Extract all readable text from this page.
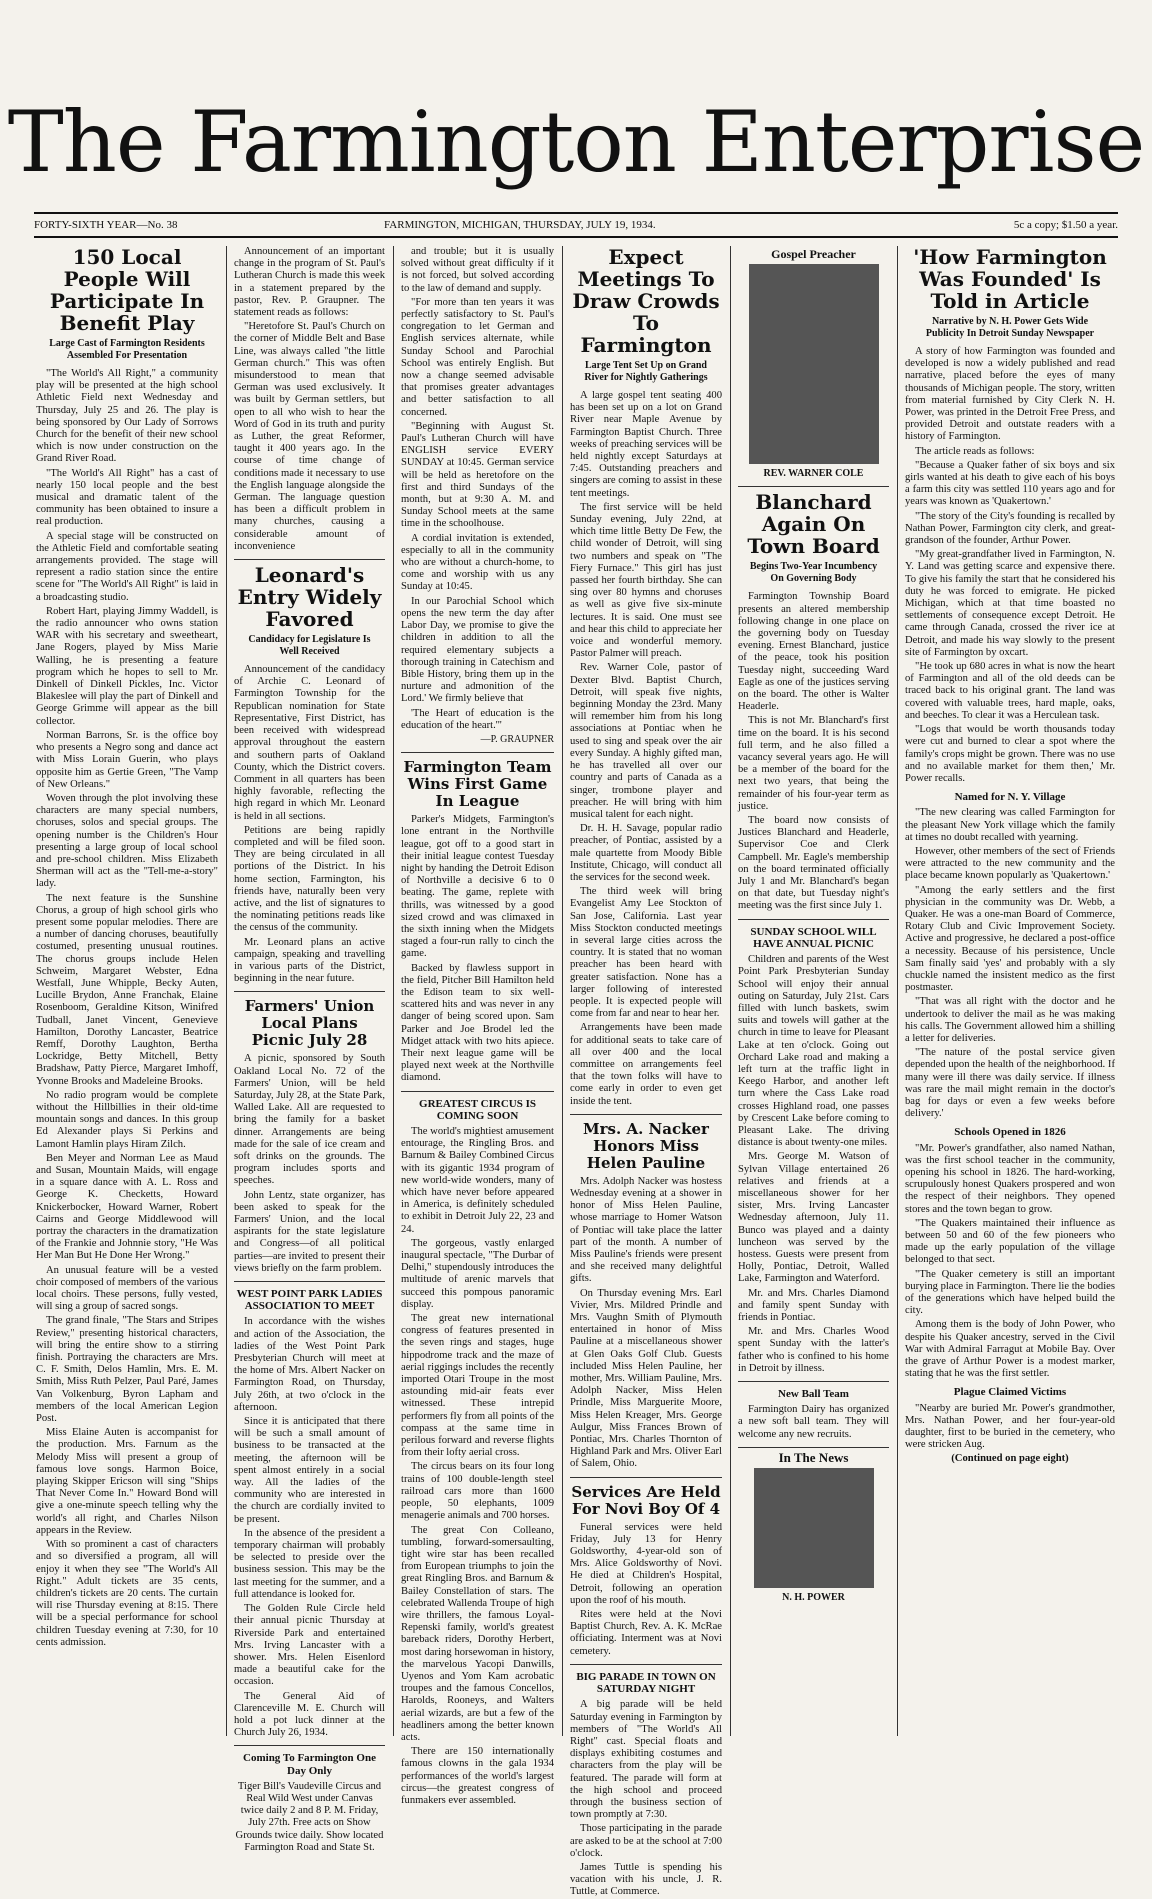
The Farmington Enterprise
FORTY-SIXTH YEAR—No. 38	FARMINGTON, MICHIGAN, THURSDAY, JULY 19, 1934.	5c a copy; $1.50 a year.
150 Local People Will Participate In Benefit Play
Large Cast of Farmington Residents Assembled For Presentation

"The World's All Right," a community play will be presented at the high school Athletic Field next Wednesday and Thursday, July 25 and 26. The play is being sponsored by Our Lady of Sorrows Church for the benefit of their new school which is now under construction on the Grand River Road.

"The World's All Right" has a cast of nearly 150 local people and the best musical and dramatic talent of the community has been obtained to insure a real production.

A special stage will be constructed on the Athletic Field and comfortable seating arrangements provided. The stage will represent a radio station since the entire scene for "The World's All Right" is laid in a broadcasting studio.

Robert Hart, playing Jimmy Waddell, is the radio announcer who owns station WAR with his secretary and sweetheart, Jane Rogers, played by Miss Marie Walling, he is presenting a feature program which he hopes to sell to Mr. Dinkell of Dinkell Pickles, Inc. Victor Blakeslee will play the part of Dinkell and George Grimme will appear as the bill collector.

Norman Barrons, Sr. is the office boy who presents a Negro song and dance act with Miss Lorain Guerin, who plays opposite him as Gertie Green, "The Vamp of New Orleans."

Woven through the plot involving these characters are many special numbers, choruses, solos and special groups. The opening number is the Children's Hour presenting a large group of local school and pre-school children. Miss Elizabeth Sherman will act as the "Tell-me-a-story" lady.

The next feature is the Sunshine Chorus, a group of high school girls who present some popular melodies. There are a number of dancing choruses, beautifully costumed, presenting unusual routines. The chorus groups include Helen Schweim, Margaret Webster, Edna Westfall, June Whipple, Becky Auten, Lucille Brydon, Anne Franchak, Elaine Rosenboom, Geraldine Kitson, Winifred Tudball, Janet Vincent, Genevieve Hamilton, Dorothy Lancaster, Beatrice Remff, Dorothy Laughton, Bertha Lockridge, Betty Mitchell, Betty Bradshaw, Patty Pierce, Margaret Imhoff, Yvonne Brooks and Madeleine Brooks.

No radio program would be complete without the Hillbillies in their old-time mountain songs and dances. In this group Ed Alexander plays Si Perkins and Lamont Hamlin plays Hiram Zilch.

Ben Meyer and Norman Lee as Maud and Susan, Mountain Maids, will engage in a square dance with A. L. Ross and George K. Checketts, Howard Knickerbocker, Howard Warner, Robert Cairns and George Middlewood will portray the characters in the dramatization of the Frankie and Johnnie story, "He Was Her Man But He Done Her Wrong."

An unusual feature will be a vested choir composed of members of the various local choirs. These persons, fully vested, will sing a group of sacred songs.

The grand finale, "The Stars and Stripes Review," presenting historical characters, will bring the entire show to a stirring finish. Portraying the characters are Mrs. C. F. Smith, Delos Hamlin, Mrs. E. M. Smith, Miss Ruth Pelzer, Paul Paré, James Van Volkenburg, Byron Lapham and members of the local American Legion Post.

Miss Elaine Auten is accompanist for the production. Mrs. Farnum as the Melody Miss will present a group of famous love songs. Harmon Boice, playing Skipper Ericson will sing "Ships That Never Come In." Howard Bond will give a one-minute speech telling why the world's all right, and Charles Nilson appears in the Review.

With so prominent a cast of characters and so diversified a program, all will enjoy it when they see "The World's All Right." Adult tickets are 35 cents, children's tickets are 20 cents. The curtain will rise Thursday evening at 8:15. There will be a special performance for school children Tuesday evening at 7:30, for 10 cents admission.

Announcement of an important change in the program of St. Paul's Lutheran Church is made this week in a statement prepared by the pastor, Rev. P. Graupner. The statement reads as follows:

"Heretofore St. Paul's Church on the corner of Middle Belt and Base Line, was always called "the little German church." This was often misunderstood to mean that German was used exclusively. It was built by German settlers, but open to all who wish to hear the Word of God in its truth and purity as Luther, the great Reformer, taught it 400 years ago. In the course of time change of conditions made it necessary to use the English language alongside the German. The language question has been a difficult problem in many churches, causing a considerable amount of inconvenience

Leonard's Entry Widely Favored
Candidacy for Legislature Is Well Received

Announcement of the candidacy of Archie C. Leonard of Farmington Township for the Republican nomination for State Representative, First District, has been received with widespread approval throughout the eastern and southern parts of Oakland County, which the District covers. Comment in all quarters has been highly favorable, reflecting the high regard in which Mr. Leonard is held in all sections.

Petitions are being rapidly completed and will be filed soon. They are being circulated in all portions of the District. In his home section, Farmington, his friends have, naturally been very active, and the list of signatures to the nominating petitions reads like the census of the community.

Mr. Leonard plans an active campaign, speaking and travelling in various parts of the District, beginning in the near future.

Farmers' Union Local Plans Picnic July 28

A picnic, sponsored by South Oakland Local No. 72 of the Farmers' Union, will be held Saturday, July 28, at the State Park, Walled Lake. All are requested to bring the family for a basket dinner. Arrangements are being made for the sale of ice cream and soft drinks on the grounds. The program includes sports and speeches.

John Lentz, state organizer, has been asked to speak for the Farmers' Union, and the local aspirants for the state legislature and Congress—of all political parties—are invited to present their views briefly on the farm problem.

WEST POINT PARK LADIES ASSOCIATION TO MEET

In accordance with the wishes and action of the Association, the ladies of the West Point Park Presbyterian Church will meet at the home of Mrs. Albert Nacker on Farmington Road, on Thursday, July 26th, at two o'clock in the afternoon.

Since it is anticipated that there will be such a small amount of business to be transacted at the meeting, the afternoon will be spent almost entirely in a social way. All the ladies of the community who are interested in the church are cordially invited to be present.

In the absence of the president a temporary chairman will probably be selected to preside over the business session. This may be the last meeting for the summer, and a full attendance is looked for.

The Golden Rule Circle held their annual picnic Thursday at Riverside Park and entertained Mrs. Irving Lancaster with a shower. Mrs. Helen Eisenlord made a beautiful cake for the occasion.

The General Aid of Clarenceville M. E. Church will hold a pot luck dinner at the Church July 26, 1934.

Coming To Farmington One Day Only

Tiger Bill's Vaudeville Circus and Real Wild West under Canvas twice daily 2 and 8 P. M. Friday, July 27th. Free acts on Show Grounds twice daily. Show located Farmington Road and State St.

and trouble; but it is usually solved without great difficulty if it is not forced, but solved according to the law of demand and supply.

"For more than ten years it was perfectly satisfactory to St. Paul's congregation to let German and English services alternate, while Sunday School and Parochial School was entirely English. But now a change seemed advisable that promises greater advantages and better satisfaction to all concerned.

"Beginning with August St. Paul's Lutheran Church will have ENGLISH service EVERY SUNDAY at 10:45. German service will be held as heretofore on the first and third Sundays of the month, but at 9:30 A. M. and Sunday School meets at the same time in the schoolhouse.

A cordial invitation is extended, especially to all in the community who are without a church-home, to come and worship with us any Sunday at 10:45.

In our Parochial School which opens the new term the day after Labor Day, we promise to give the children in addition to all the required elementary subjects a thorough training in Catechism and Bible History, bring them up in the nurture and admonition of the Lord.' We firmly believe that

'The Heart of education is the education of the heart.'"

—P. GRAUPNER
Farmington Team Wins First Game In League

Parker's Midgets, Farmington's lone entrant in the Northville league, got off to a good start in their initial league contest Tuesday night by handing the Detroit Edison of Northville a decisive 6 to 0 beating. The game, replete with thrills, was witnessed by a good sized crowd and was climaxed in the sixth inning when the Midgets staged a four-run rally to cinch the game.

Backed by flawless support in the field, Pitcher Bill Hamilton held the Edison team to six well-scattered hits and was never in any danger of being scored upon. Sam Parker and Joe Brodel led the Midget attack with two hits apiece. Their next league game will be played next week at the Northville diamond.

GREATEST CIRCUS IS COMING SOON

The world's mightiest amusement entourage, the Ringling Bros. and Barnum & Bailey Combined Circus with its gigantic 1934 program of new world-wide wonders, many of which have never before appeared in America, is definitely scheduled to exhibit in Detroit July 22, 23 and 24.

The gorgeous, vastly enlarged inaugural spectacle, "The Durbar of Delhi," stupendously introduces the multitude of arenic marvels that succeed this pompous panoramic display.

The great new international congress of features presented in the seven rings and stages, huge hippodrome track and the maze of aerial riggings includes the recently imported Otari Troupe in the most astounding mid-air feats ever witnessed. These intrepid performers fly from all points of the compass at the same time in perilous forward and reverse flights from their lofty aerial cross.

The circus bears on its four long trains of 100 double-length steel railroad cars more than 1600 people, 50 elephants, 1009 menagerie animals and 700 horses.

The great Con Colleano, tumbling, forward-somersaulting, tight wire star has been recalled from European triumphs to join the great Ringling Bros. and Barnum & Bailey Constellation of stars. The celebrated Wallenda Troupe of high wire thrillers, the famous Loyal-Repenski family, world's greatest bareback riders, Dorothy Herbert, most daring horsewoman in history, the marvelous Yacopi Danwills, Uyenos and Yom Kam acrobatic troupes and the famous Concellos, Harolds, Rooneys, and Walters aerial wizards, are but a few of the headliners among the better known acts.

There are 150 internationally famous clowns in the gala 1934 performances of the world's largest circus—the greatest congress of funmakers ever assembled.

Expect Meetings To Draw Crowds To Farmington
Large Tent Set Up on Grand River for Nightly Gatherings

A large gospel tent seating 400 has been set up on a lot on Grand River near Maple Avenue by Farmington Baptist Church. Three weeks of preaching services will be held nightly except Saturdays at 7:45. Outstanding preachers and singers are coming to assist in these tent meetings.

The first service will be held Sunday evening, July 22nd, at which time little Betty De Few, the child wonder of Detroit, will sing two numbers and speak on "The Fiery Furnace." This girl has just passed her fourth birthday. She can sing over 80 hymns and choruses as well as give five six-minute lectures. It is said. One must see and hear this child to appreciate her voice and wonderful memory. Pastor Palmer will preach.

Rev. Warner Cole, pastor of Dexter Blvd. Baptist Church, Detroit, will speak five nights, beginning Monday the 23rd. Many will remember him from his long associations at Pontiac when he used to sing and speak over the air every Sunday. A highly gifted man, he has travelled all over our country and parts of Canada as a singer, trombone player and preacher. He will bring with him musical talent for each night.

Dr. H. H. Savage, popular radio preacher, of Pontiac, assisted by a male quartette from Moody Bible Institute, Chicago, will conduct all the services for the second week.

The third week will bring Evangelist Amy Lee Stockton of San Jose, California. Last year Miss Stockton conducted meetings in several large cities across the country. It is stated that no woman preacher has been heard with greater satisfaction. None has a larger following of interested people. It is expected people will come from far and near to hear her.

Arrangements have been made for additional seats to take care of all over 400 and the local committee on arrangements feel that the town folks will have to come early in order to even get inside the tent.

Mrs. A. Nacker Honors Miss Helen Pauline

Mrs. Adolph Nacker was hostess Wednesday evening at a shower in honor of Miss Helen Pauline, whose marriage to Homer Watson of Pontiac will take place the latter part of the month. A number of Miss Pauline's friends were present and she received many delightful gifts.

On Thursday evening Mrs. Earl Vivier, Mrs. Mildred Prindle and Mrs. Vaughn Smith of Plymouth entertained in honor of Miss Pauline at a miscellaneous shower at Glen Oaks Golf Club. Guests included Miss Helen Pauline, her mother, Mrs. William Pauline, Mrs. Adolph Nacker, Miss Helen Prindle, Miss Marguerite Moore, Miss Helen Kreager, Mrs. George Aulgur, Miss Frances Brown of Pontiac, Mrs. Charles Thornton of Highland Park and Mrs. Oliver Earl of Salem, Ohio.

Services Are Held For Novi Boy Of 4

Funeral services were held Friday, July 13 for Henry Goldsworthy, 4-year-old son of Mrs. Alice Goldsworthy of Novi. He died at Children's Hospital, Detroit, following an operation upon the roof of his mouth.

Rites were held at the Novi Baptist Church, Rev. A. K. McRae officiating. Interment was at Novi cemetery.

BIG PARADE IN TOWN ON SATURDAY NIGHT

A big parade will be held Saturday evening in Farmington by members of "The World's All Right" cast. Special floats and displays exhibiting costumes and characters from the play will be featured. The parade will form at the high school and proceed through the business section of town promptly at 7:30.

Those participating in the parade are asked to be at the school at 7:00 o'clock.

James Tuttle is spending his vacation with his uncle, J. R. Tuttle, at Commerce.

Gospel Preacher
REV. WARNER COLE
Blanchard Again On Town Board
Begins Two-Year Incumbency On Governing Body

Farmington Township Board presents an altered membership following change in one place on the governing body on Tuesday evening. Ernest Blanchard, justice of the peace, took his position Tuesday night, succeeding Ward Eagle as one of the justices serving on the board. The other is Walter Headerle.

This is not Mr. Blanchard's first time on the board. It is his second full term, and he also filled a vacancy several years ago. He will be a member of the board for the next two years, that being the remainder of his four-year term as justice.

The board now consists of Justices Blanchard and Headerle, Supervisor Coe and Clerk Campbell. Mr. Eagle's membership on the board terminated officially July 1 and Mr. Blanchard's began on that date, but Tuesday night's meeting was the first since July 1.

SUNDAY SCHOOL WILL HAVE ANNUAL PICNIC

Children and parents of the West Point Park Presbyterian Sunday School will enjoy their annual outing on Saturday, July 21st. Cars filled with lunch baskets, swim suits and towels will gather at the church in time to leave for Pleasant Lake at ten o'clock. Going out Orchard Lake road and making a left turn at the traffic light in Keego Harbor, and another left turn where the Cass Lake road crosses Highland road, one passes by Crescent Lake before coming to Pleasant Lake. The driving distance is about twenty-one miles.

Mrs. George M. Watson of Sylvan Village entertained 26 relatives and friends at a miscellaneous shower for her sister, Mrs. Irving Lancaster Wednesday afternoon, July 11. Bunco was played and a dainty luncheon was served by the hostess. Guests were present from Holly, Pontiac, Detroit, Walled Lake, Farmington and Waterford.

Mr. and Mrs. Charles Diamond and family spent Sunday with friends in Pontiac.

Mr. and Mrs. Charles Wood spent Sunday with the latter's father who is confined to his home in Detroit by illness.

New Ball Team

Farmington Dairy has organized a new soft ball team. They will welcome any new recruits.

In The News
N. H. POWER
'How Farmington Was Founded' Is Told in Article
Narrative by N. H. Power Gets Wide Publicity In Detroit Sunday Newspaper

A story of how Farmington was founded and developed is now a widely published and read narrative, placed before the eyes of many thousands of Michigan people. The story, written from material furnished by City Clerk N. H. Power, was printed in the Detroit Free Press, and provided Detroit and outstate readers with a history of Farmington.

The article reads as follows:

"Because a Quaker father of six boys and six girls wanted at his death to give each of his boys a farm this city was settled 110 years ago and for years was known as 'Quakertown.'

"The story of the City's founding is recalled by Nathan Power, Farmington city clerk, and great-grandson of the founder, Arthur Power.

"My great-grandfather lived in Farmington, N. Y. Land was getting scarce and expensive there. To give his family the start that he considered his duty he was forced to emigrate. He picked Michigan, which at that time boasted no settlements of consequence except Detroit. He came through Canada, crossed the river ice at Detroit, and made his way slowly to the present site of Farmington by oxcart.

"He took up 680 acres in what is now the heart of Farmington and all of the old deeds can be traced back to his original grant. The land was covered with valuable trees, hard maple, oaks, and beeches. To clear it was a Herculean task.

"Logs that would be worth thousands today were cut and burned to clear a spot where the family's crops might be grown. There was no use and no available market for them then,' Mr. Power recalls.

Named for N. Y. Village

"The new clearing was called Farmington for the pleasant New York village which the family at times no doubt recalled with yearning.

However, other members of the sect of Friends were attracted to the new community and the place became known popularly as 'Quakertown.'

"Among the early settlers and the first physician in the community was Dr. Webb, a Quaker. He was a one-man Board of Commerce, Rotary Club and Civic Improvement Society. Active and progressive, he declared a post-office a necessity. Because of his persistence, Uncle Sam finally said 'yes' and probably with a sly chuckle named the insistent medico as the first postmaster.

"That was all right with the doctor and he undertook to deliver the mail as he was making his calls. The Government allowed him a shilling a letter for deliveries.

"The nature of the postal service given depended upon the health of the neighborhood. If many were ill there was daily service. If illness was rare the mail might remain in the doctor's bag for days or even a few weeks before delivery.'

Schools Opened in 1826

"Mr. Power's grandfather, also named Nathan, was the first school teacher in the community, opening his school in 1826. The hard-working, scrupulously honest Quakers prospered and won the respect of their neighbors. They opened stores and the town began to grow.

"The Quakers maintained their influence as between 50 and 60 of the few pioneers who made up the early population of the village belonged to that sect.

"The Quaker cemetery is still an important burying place in Farmington. There lie the bodies of the generations which have helped build the city.

Among them is the body of John Power, who despite his Quaker ancestry, served in the Civil War with Admiral Farragut at Mobile Bay. Over the grave of Arthur Power is a modest marker, stating that he was the first settler.

Plague Claimed Victims

"Nearby are buried Mr. Power's grandmother, Mrs. Nathan Power, and her four-year-old daughter, first to be buried in the cemetery, who were stricken Aug.

(Continued on page eight)
